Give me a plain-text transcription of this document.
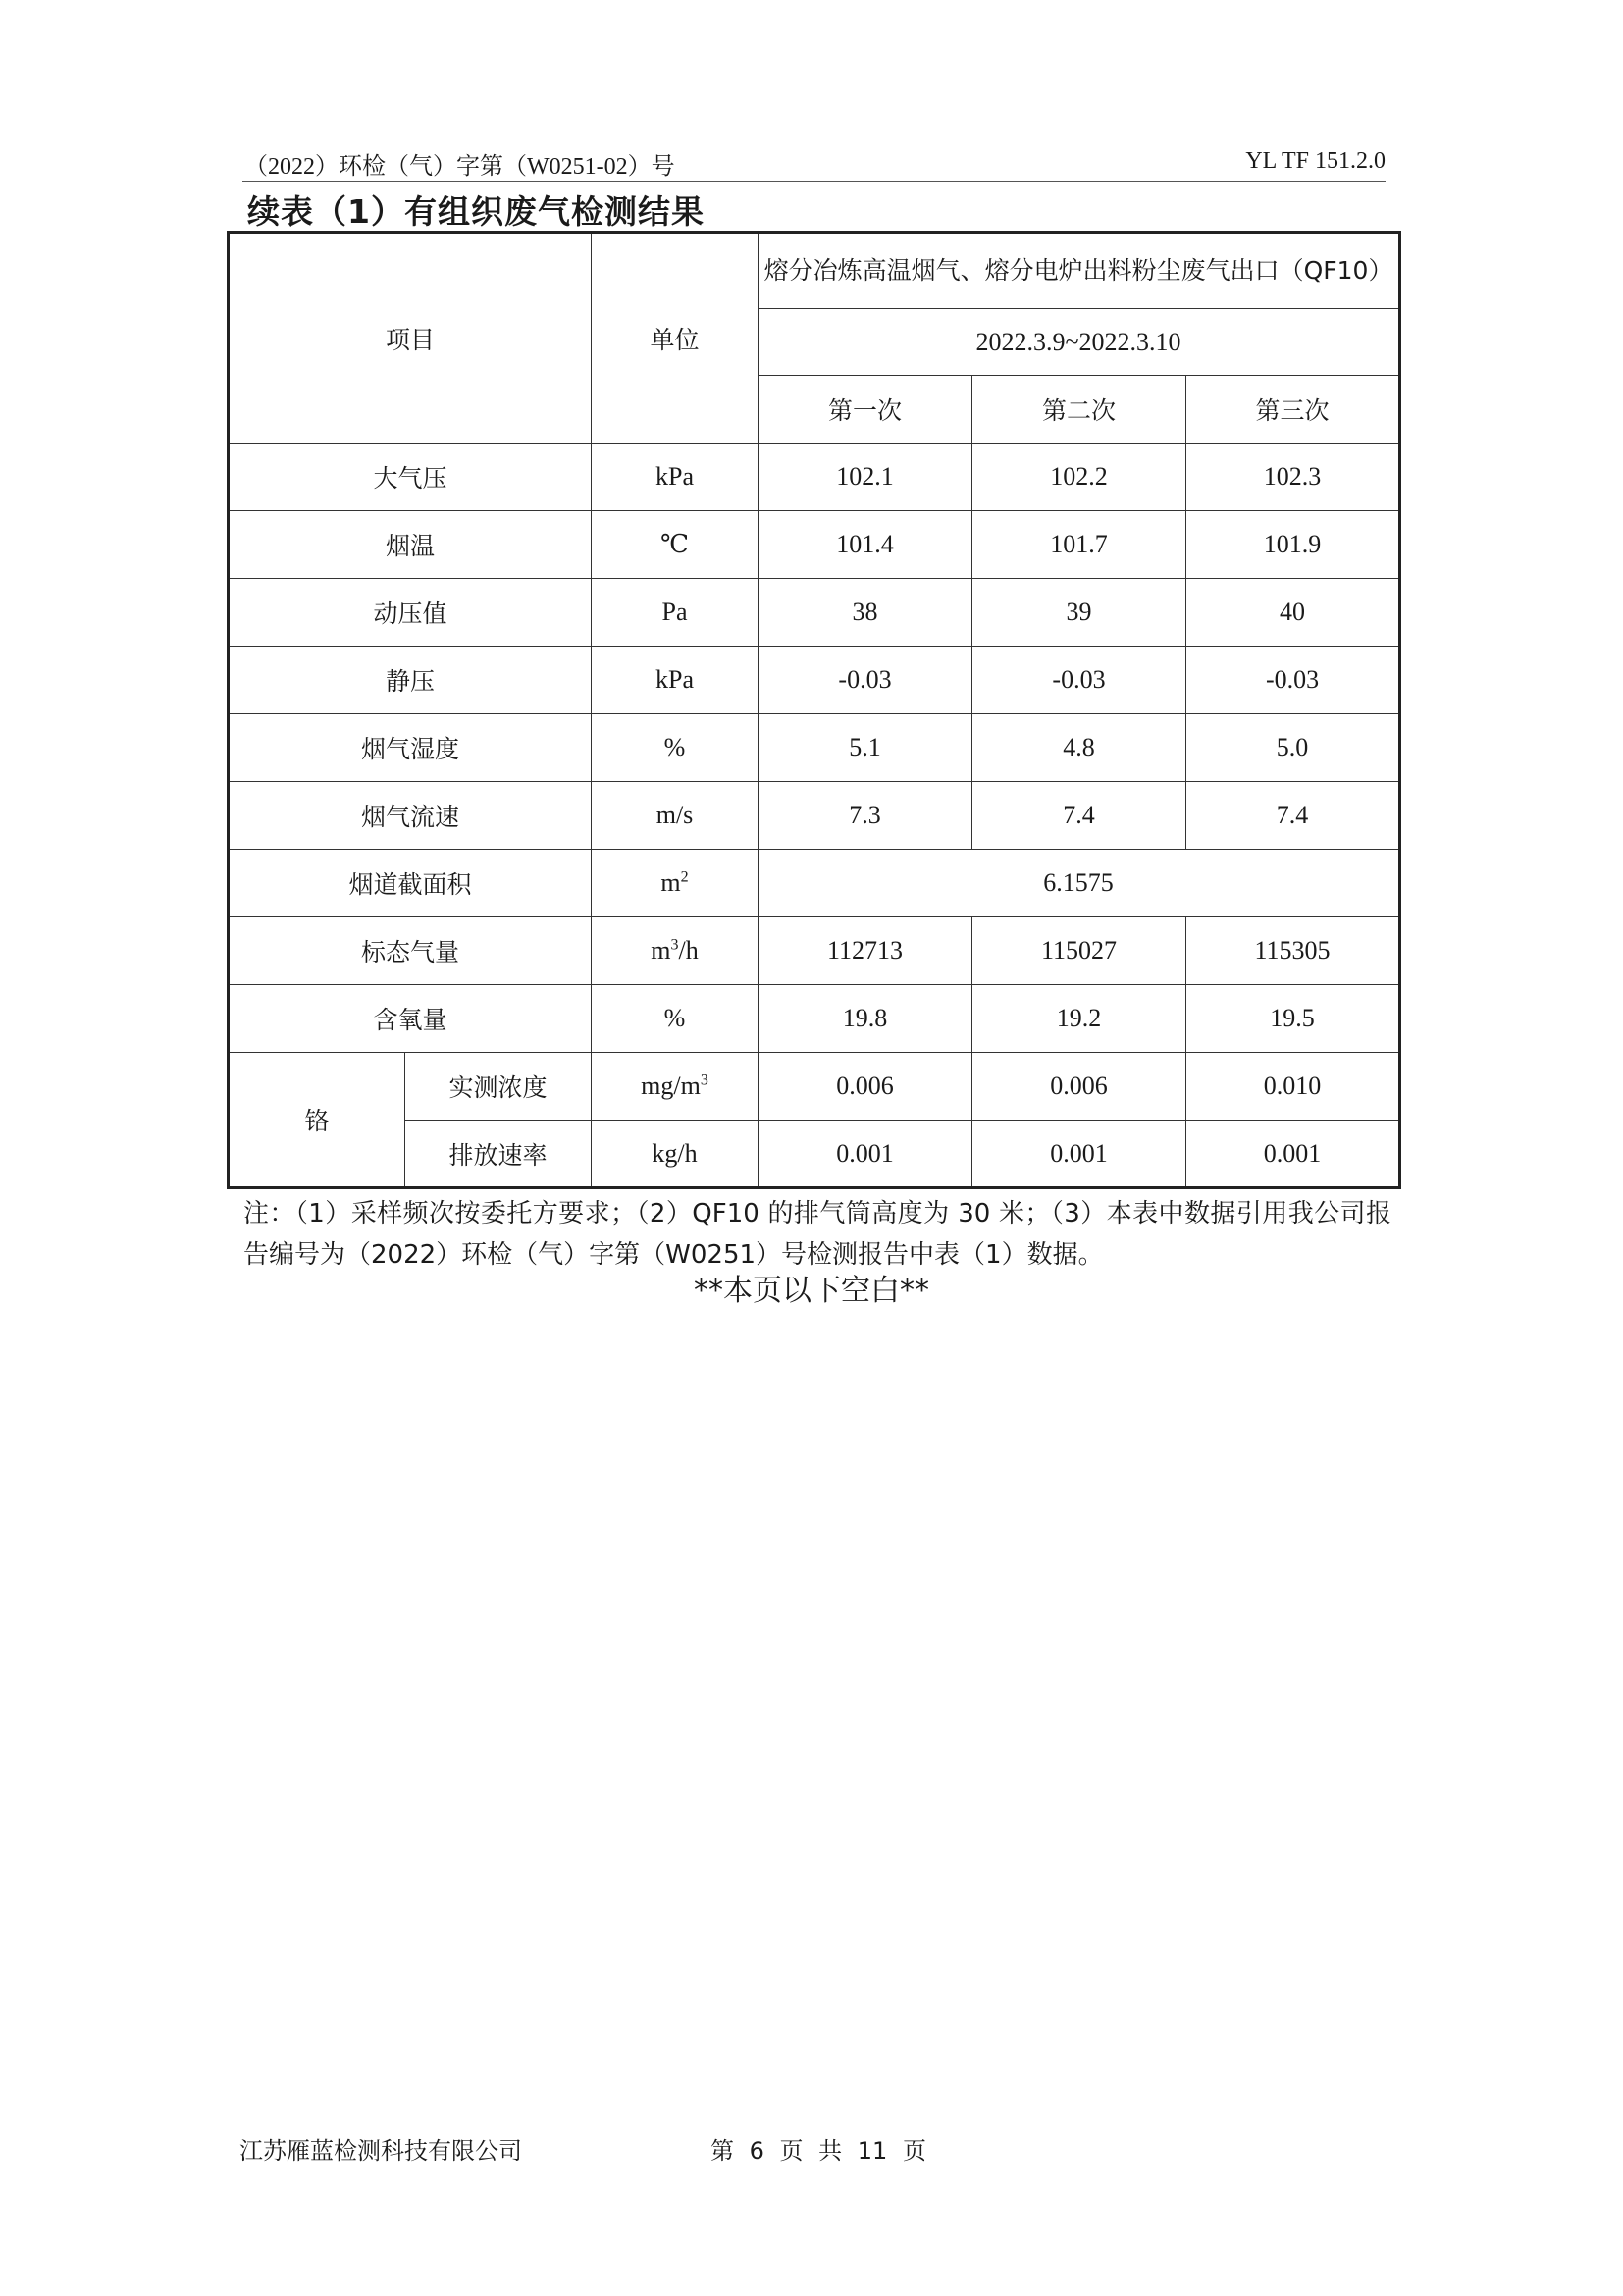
（2022）环检（气）字第（W0251-02）号	YL TF 151.2.0
续表（1）有组织废气检测结果
项目		单位	熔分冶炼高温烟气、熔分电炉出料粉尘废气出口（QF10）		
			2022.3.9~2022.3.10		
			第一次	第二次	第三次
大气压		kPa	102.1	102.2	102.3
烟温		℃	101.4	101.7	101.9
动压值		Pa	38	39	40
静压		kPa	-0.03	-0.03	-0.03
烟气湿度		%	5.1	4.8	5.0
烟气流速		m/s	7.3	7.4	7.4
烟道截面积		$m^2$	6.1575		
标态气量		$m^3/h$	112713	115027	115305
含氧量		%	19.8	19.2	19.5
铬	实测浓度	$mg/m^3$	0.006	0.006	0.010
	排放速率	kg/h	0.001	0.001	0.001
注：（1）采样频次按委托方要求；（2）QF10 的排气筒高度为 30 米；（3）本表中数据引用我公司报告编号为（2022）环检（气）字第（W0251）号检测报告中表（1）数据。
**本页以下空白**
江苏雁蓝检测科技有限公司	第 6 页 共 11 页
